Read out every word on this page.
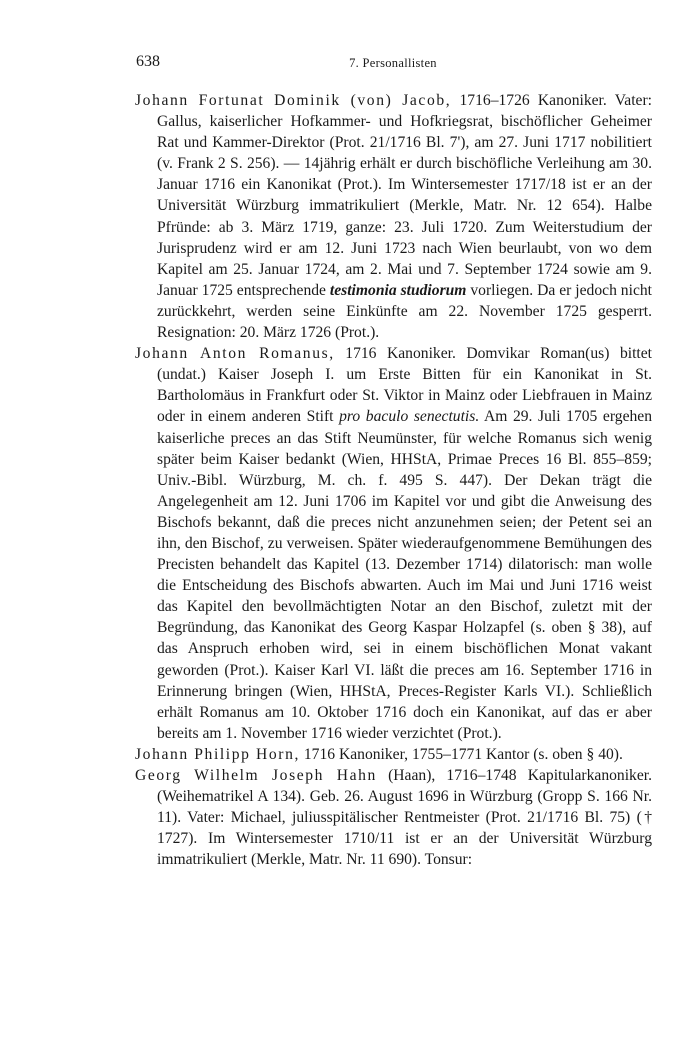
638	7. Personallisten

Johann Fortunat Dominik (von) Jacob, 1716–1726 Kanoniker. Vater: Gallus, kaiserlicher Hofkammer- und Hofkriegsrat, bischöflicher Geheimer Rat und Kammer-Direktor (Prot. 21/1716 Bl. 7'), am 27. Juni 1717 nobilitiert (v. Frank 2 S. 256). — 14jährig erhält er durch bischöfliche Verleihung am 30. Januar 1716 ein Kanonikat (Prot.). Im Wintersemester 1717/18 ist er an der Universität Würzburg immatrikuliert (Merkle, Matr. Nr. 12 654). Halbe Pfründe: ab 3. März 1719, ganze: 23. Juli 1720. Zum Weiterstudium der Jurisprudenz wird er am 12. Juni 1723 nach Wien beurlaubt, von wo dem Kapitel am 25. Januar 1724, am 2. Mai und 7. September 1724 sowie am 9. Januar 1725 entsprechende testimonia studiorum vorliegen. Da er jedoch nicht zurückkehrt, werden seine Einkünfte am 22. November 1725 gesperrt. Resignation: 20. März 1726 (Prot.).

Johann Anton Romanus, 1716 Kanoniker. Domvikar Roman(us) bittet (undat.) Kaiser Joseph I. um Erste Bitten für ein Kanonikat in St. Bartholomäus in Frankfurt oder St. Viktor in Mainz oder Liebfrauen in Mainz oder in einem anderen Stift pro baculo senectutis. Am 29. Juli 1705 ergehen kaiserliche preces an das Stift Neumünster, für welche Romanus sich wenig später beim Kaiser bedankt (Wien, HHStA, Primae Preces 16 Bl. 855–859; Univ.-Bibl. Würzburg, M. ch. f. 495 S. 447). Der Dekan trägt die Angelegenheit am 12. Juni 1706 im Kapitel vor und gibt die Anweisung des Bischofs bekannt, daß die preces nicht anzunehmen seien; der Petent sei an ihn, den Bischof, zu verweisen. Später wiederaufgenommene Bemühungen des Precisten behandelt das Kapitel (13. Dezember 1714) dilatorisch: man wolle die Entscheidung des Bischofs abwarten. Auch im Mai und Juni 1716 weist das Kapitel den bevollmächtigten Notar an den Bischof, zuletzt mit der Begründung, das Kanonikat des Georg Kaspar Holzapfel (s. oben § 38), auf das Anspruch erhoben wird, sei in einem bischöflichen Monat vakant geworden (Prot.). Kaiser Karl VI. läßt die preces am 16. September 1716 in Erinnerung bringen (Wien, HHStA, Preces-Register Karls VI.). Schließlich erhält Romanus am 10. Oktober 1716 doch ein Kanonikat, auf das er aber bereits am 1. November 1716 wieder verzichtet (Prot.).

Johann Philipp Horn, 1716 Kanoniker, 1755–1771 Kantor (s. oben § 40).

Georg Wilhelm Joseph Hahn (Haan), 1716–1748 Kapitularkanoniker. (Weihematrikel A 134). Geb. 26. August 1696 in Würzburg (Gropp S. 166 Nr. 11). Vater: Michael, juliusspitälischer Rentmeister (Prot. 21/1716 Bl. 75) († 1727). Im Wintersemester 1710/11 ist er an der Universität Würzburg immatrikuliert (Merkle, Matr. Nr. 11 690). Tonsur:
